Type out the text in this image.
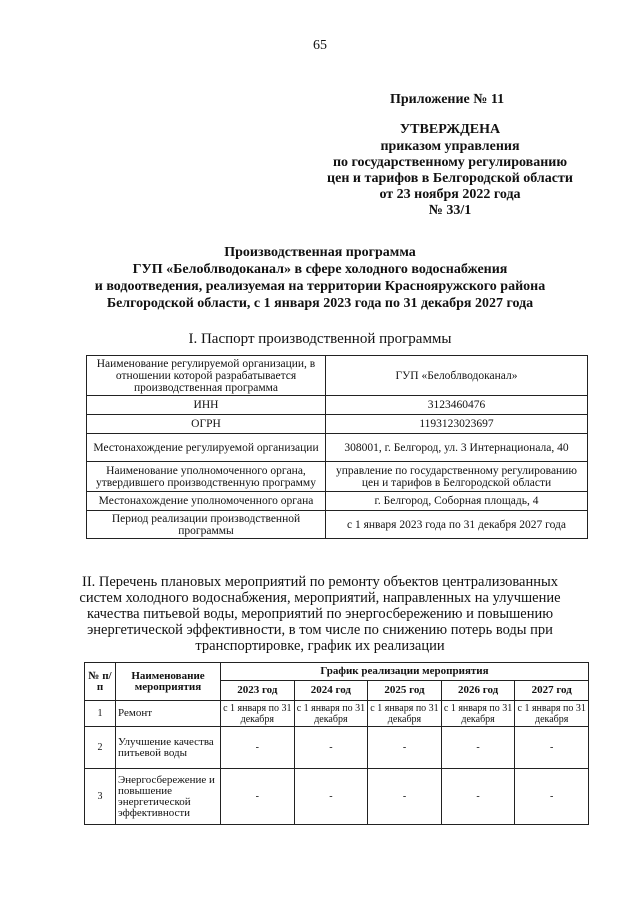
65
Приложение № 11
УТВЕРЖДЕНА
приказом управления
по государственному регулированию
цен и тарифов в Белгородской области
от 23 ноября 2022 года
№ 33/1
Производственная программа
ГУП «Белоблводоканал» в сфере холодного водоснабжения
и водоотведения, реализуемая на территории Краснояружского района
Белгородской области, с 1 января 2023 года по 31 декабря 2027 года
I. Паспорт производственной программы
Наименование регулируемой организации, в отношении которой разрабатывается производственная программа	ГУП «Белоблводоканал»
ИНН	3123460476
ОГРН	1193123023697
Местонахождение регулируемой организации	308001, г. Белгород, ул. 3 Интернационала, 40
Наименование уполномоченного органа, утвердившего производственную программу	управление по государственному регулированию цен и тарифов в Белгородской области
Местонахождение уполномоченного органа	г. Белгород, Соборная площадь, 4
Период реализации производственной программы	с 1 января 2023 года по 31 декабря 2027 года
II. Перечень плановых мероприятий по ремонту объектов централизованных
систем холодного водоснабжения, мероприятий, направленных на улучшение
качества питьевой воды, мероприятий по энергосбережению и повышению
энергетической эффективности, в том числе по снижению потерь воды при
транспортировке, график их реализации
№ п/п	Наименование мероприятия	График реализации мероприятия				
		2023 год	2024 год	2025 год	2026 год	2027 год
1	Ремонт	с 1 января по 31 декабря	с 1 января по 31 декабря	с 1 января по 31 декабря	с 1 января по 31 декабря	с 1 января по 31 декабря
2	Улучшение качества питьевой воды	-	-	-	-	-
3	Энергосбережение и повышение энергетической эффективности	-	-	-	-	-
